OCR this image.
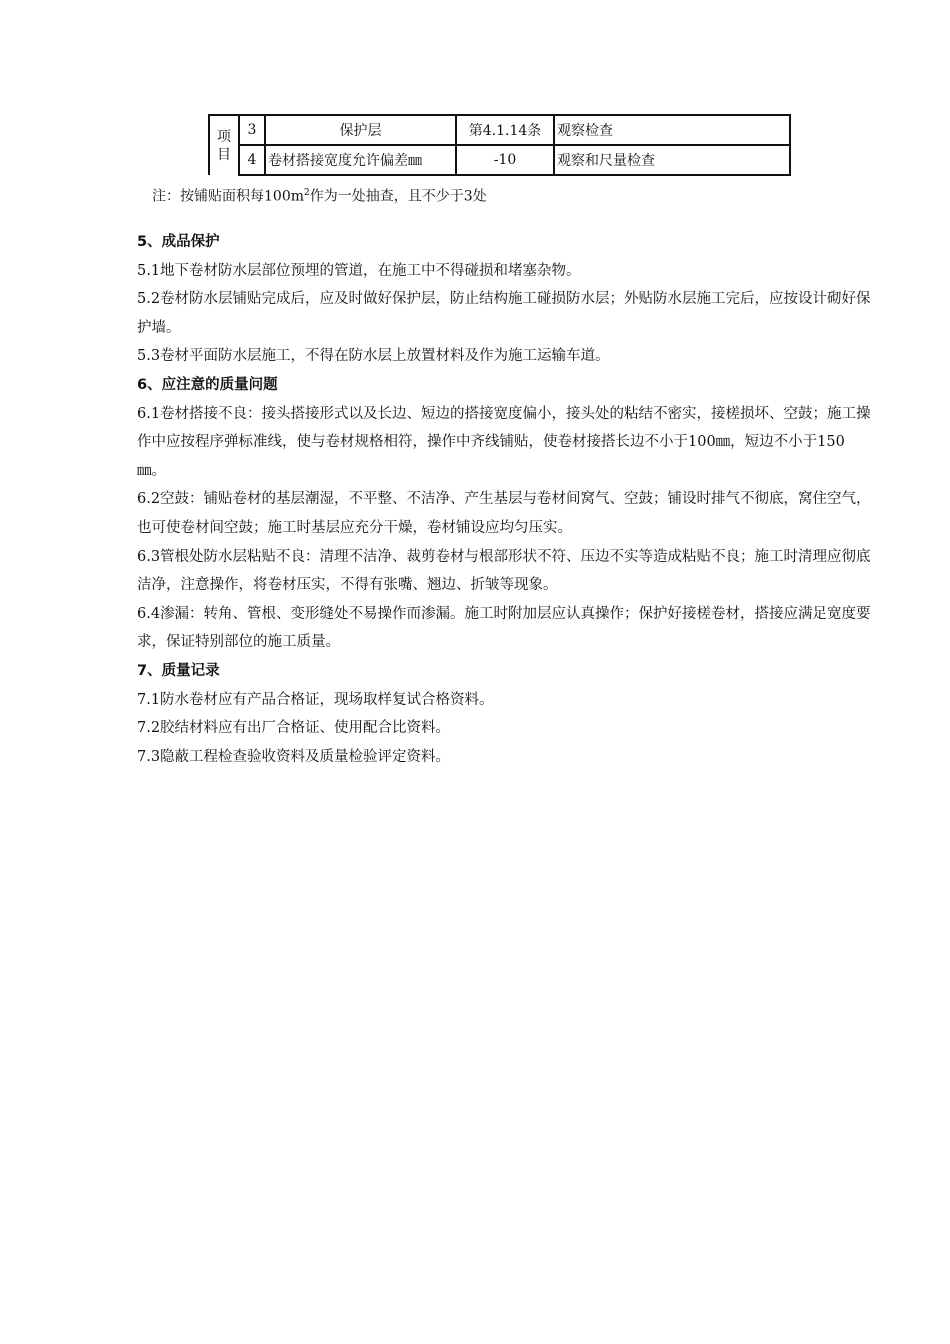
项
目	3	保护层	第4.1.14条	观察检查
	4	卷材搭接宽度允许偏差㎜	-10	观察和尺量检查
注：按铺贴面积每$100m^2$作为一处抽查，且不少于3处
5、成品保护

5.1地下卷材防水层部位预埋的管道，在施工中不得碰损和堵塞杂物。

5.2卷材防水层铺贴完成后，应及时做好保护层，防止结构施工碰损防水层；外贴防水层施工完后，应按设计砌好保护墙。

5.3卷材平面防水层施工，不得在防水层上放置材料及作为施工运输车道。

6、应注意的质量问题

6.1卷材搭接不良：接头搭接形式以及长边、短边的搭接宽度偏小，接头处的粘结不密实，接槎损坏、空鼓；施工操作中应按程序弹标准线，使与卷材规格相符，操作中齐线铺贴，使卷材接搭长边不小于100㎜，短边不小于150㎜。

6.2空鼓：铺贴卷材的基层潮湿，不平整、不洁净、产生基层与卷材间窝气、空鼓；铺设时排气不彻底，窝住空气，也可使卷材间空鼓；施工时基层应充分干燥，卷材铺设应均匀压实。

6.3管根处防水层粘贴不良：清理不洁净、裁剪卷材与根部形状不符、压边不实等造成粘贴不良；施工时清理应彻底洁净，注意操作，将卷材压实，不得有张嘴、翘边、折皱等现象。

6.4渗漏：转角、管根、变形缝处不易操作而渗漏。施工时附加层应认真操作；保护好接槎卷材，搭接应满足宽度要求，保证特别部位的施工质量。

7、质量记录

7.1防水卷材应有产品合格证，现场取样复试合格资料。

7.2胶结材料应有出厂合格证、使用配合比资料。

7.3隐蔽工程检查验收资料及质量检验评定资料。
